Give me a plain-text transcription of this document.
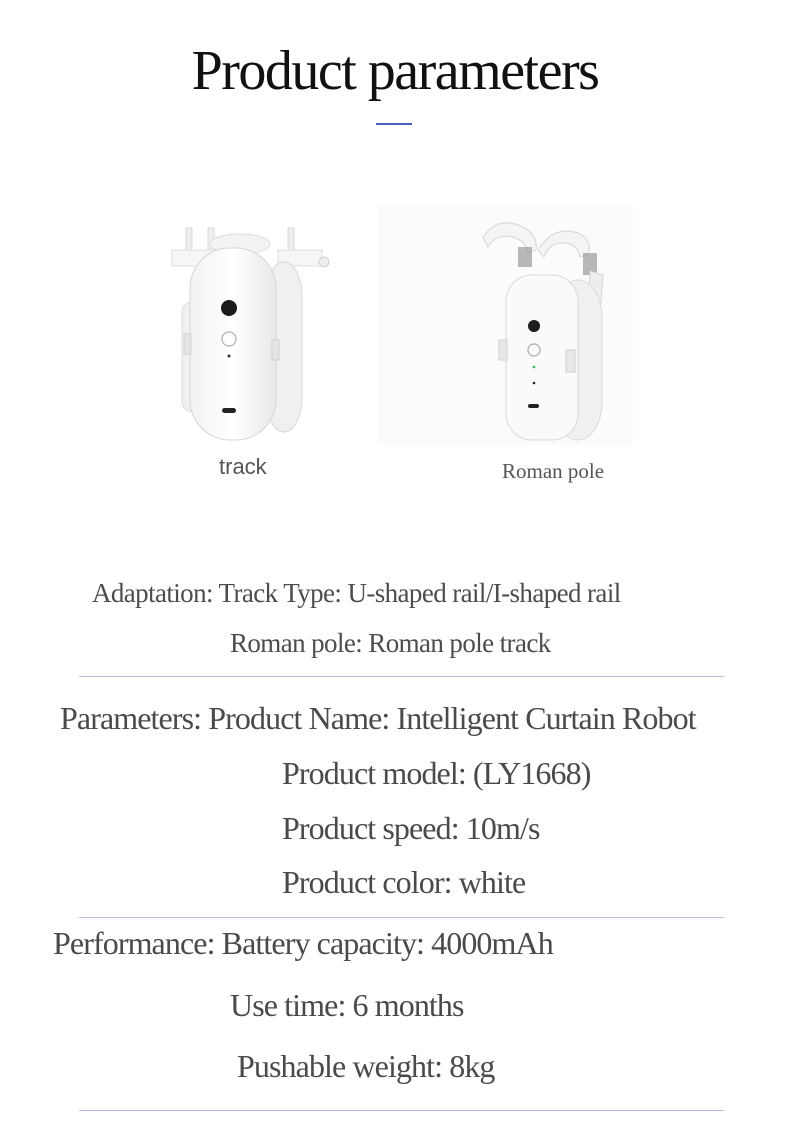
Product parameters
track	Roman pole
Adaptation: Track Type: U-shaped rail/I-shaped rail
Roman pole: Roman pole track
Parameters: Product Name: Intelligent Curtain Robot
Product model: (LY1668)
Product speed: 10m/s
Product color: white
Performance: Battery capacity: 4000mAh
Use time: 6 months
Pushable weight: 8kg
